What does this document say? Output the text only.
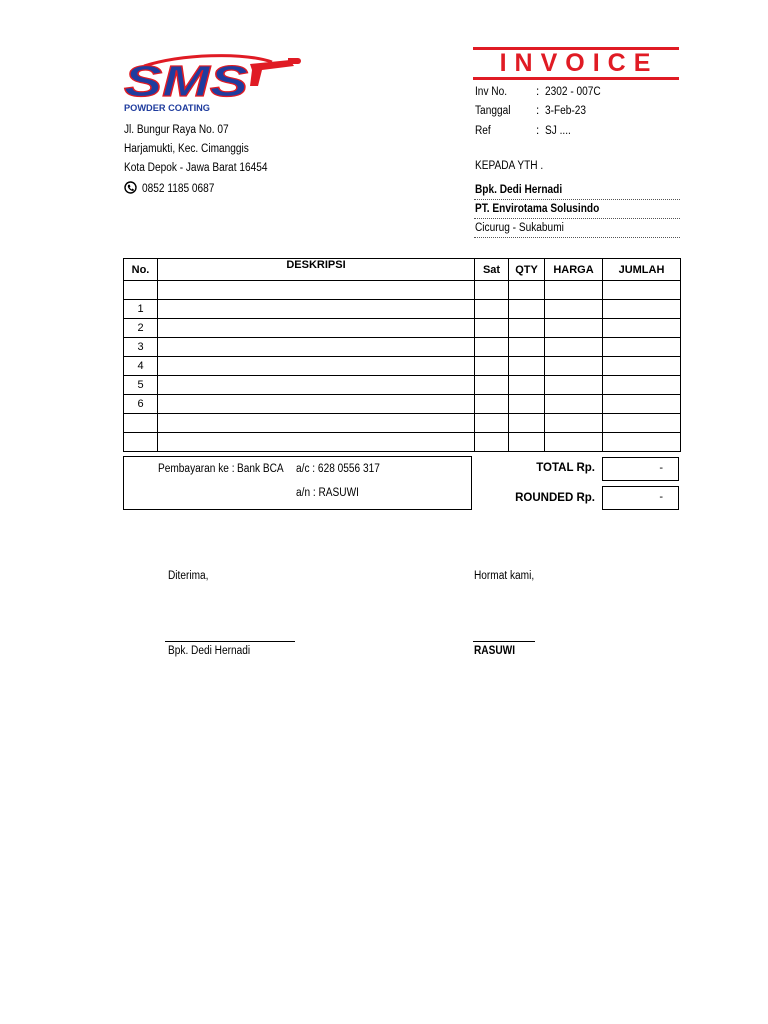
SMS
POWDER COATING
Jl. Bungur Raya No. 07
Harjamukti, Kec. Cimanggis
Kota Depok - Jawa Barat 16454
0852 1185 0687
INVOICE
Inv No.	: 2302 - 007C
Tanggal	: 3-Feb-23
Ref	: SJ ....
KEPADA YTH .
Bpk. Dedi Hernadi
PT. Envirotama Solusindo
Cicurug - Sukabumi
No.	DESKRIPSI	Sat	QTY	HARGA	JUMLAH

1					
2					
3					
4					
5					
6					

Pembayaran ke : Bank BCA	a/c : 628 0556 317
a/n : RASUWI
TOTAL Rp.	-
ROUNDED Rp.	-
Diterima,
Bpk. Dedi Hernadi
Hormat kami,
RASUWI
